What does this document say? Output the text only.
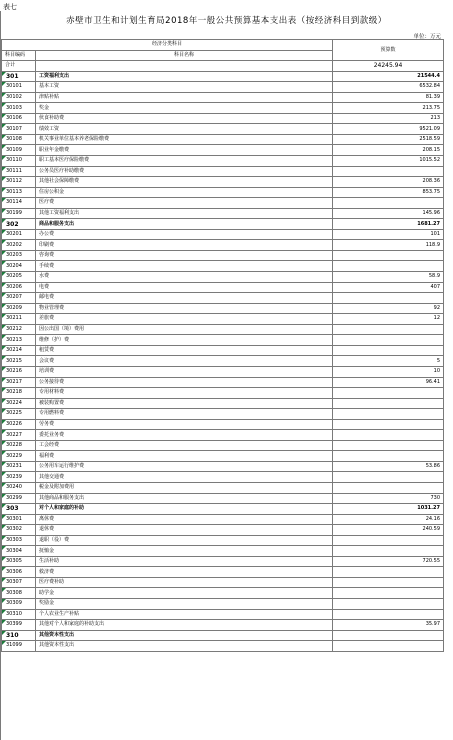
表七
赤壁市卫生和计划生育局2018年一般公共预算基本支出表（按经济科目到款级）
单位：万元
经济分类科目		预算数
科目编码	科目名称	
合计		24245.94
301	工资福利支出	21544.4
30101	基本工资	6532.84
30102	津贴补贴	81.39
30103	奖金	213.75
30106	伙食补助费	213
30107	绩效工资	9521.09
30108	机关事业单位基本养老保险缴费	2518.59
30109	职业年金缴费	208.15
30110	职工基本医疗保险缴费	1015.52
30111	公务员医疗补助缴费	
30112	其他社会保障缴费	208.36
30113	住房公积金	853.75
30114	医疗费	
30199	其他工资福利支出	145.96
302	商品和服务支出	1681.27
30201	办公费	101
30202	印刷费	118.9
30203	咨询费	
30204	手续费	
30205	水费	58.9
30206	电费	407
30207	邮电费	
30209	物业管理费	92
30211	差旅费	12
30212	因公出国（境）费用	
30213	维修（护）费	
30214	租赁费	
30215	会议费	5
30216	培训费	10
30217	公务接待费	96.41
30218	专用材料费	
30224	被装购置费	
30225	专用燃料费	
30226	劳务费	
30227	委托业务费	
30228	工会经费	
30229	福利费	
30231	公务用车运行维护费	53.86
30239	其他交通费	
30240	税金及附加费用	
30299	其他商品和服务支出	730
303	对个人和家庭的补助	1031.27
30301	离休费	24.16
30302	退休费	240.59
30303	退职（役）费	
30304	抚恤金	
30305	生活补助	720.55
30306	救济费	
30307	医疗费补助	
30308	助学金	
30309	奖励金	
30310	个人农业生产补贴	
30399	其他对个人和家庭的补助支出	35.97
310	其他资本性支出	
31099	其他资本性支出	
